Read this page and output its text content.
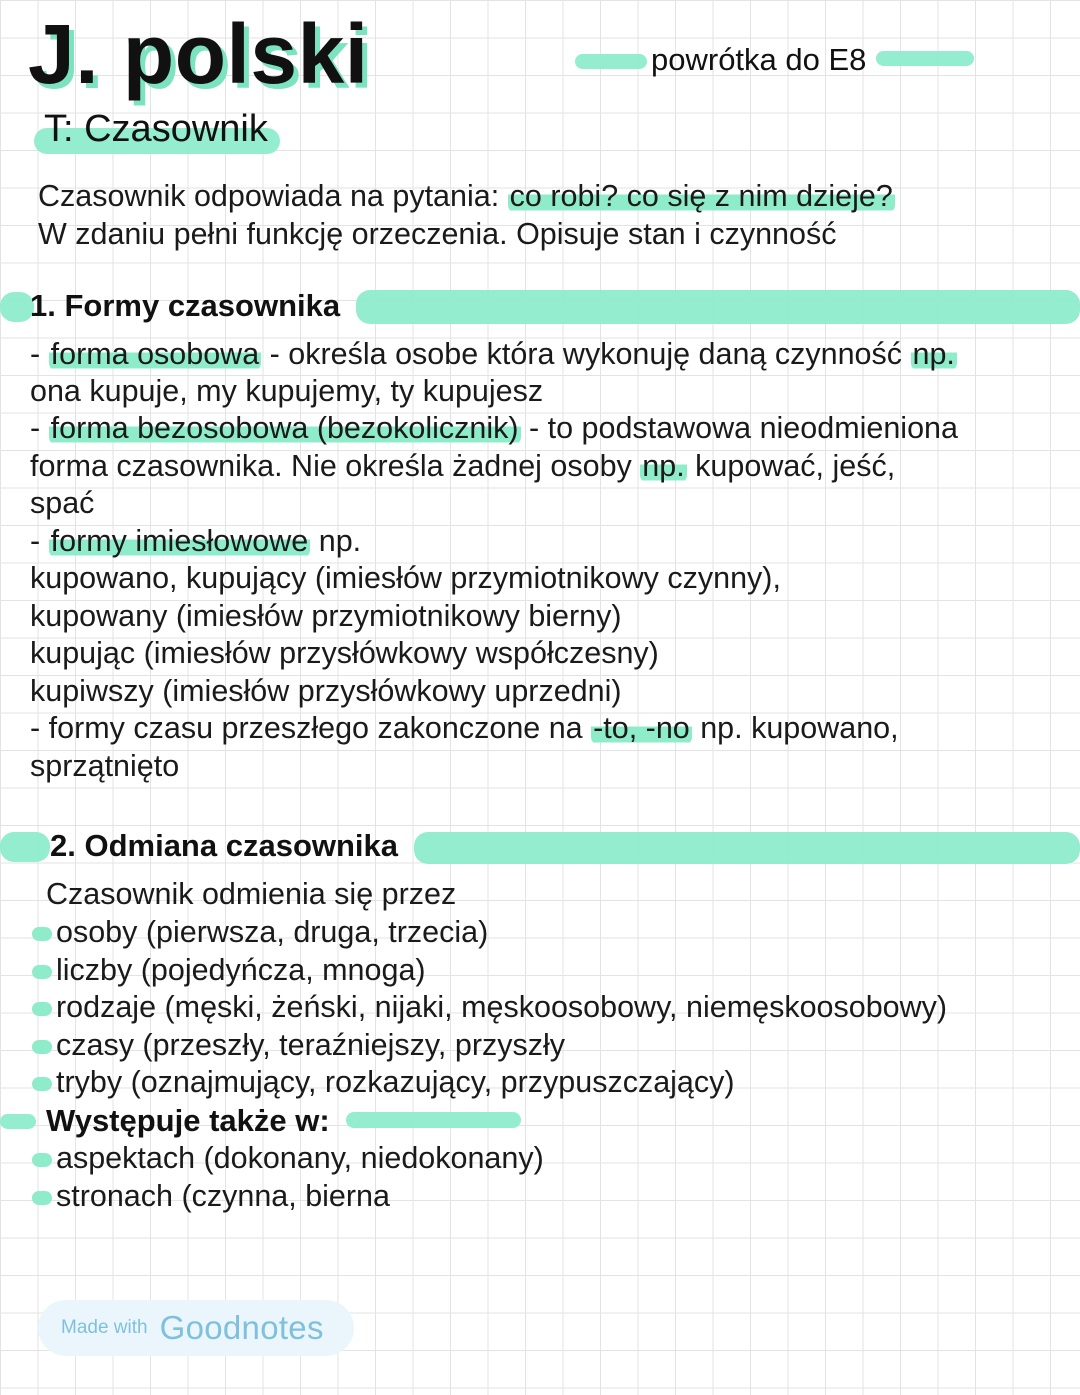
J. polski
T: Czasownik
powrótka do E8
Czasownik odpowiada na pytania: co robi? co się z nim dzieje?
W zdaniu pełni funkcję orzeczenia. Opisuje stan i czynność
1. Formy czasownika
- forma osobowa - określa osobe która wykonuję daną czynność np.
ona kupuje, my kupujemy, ty kupujesz
- forma bezosobowa (bezokolicznik) - to podstawowa nieodmieniona
forma czasownika. Nie określa żadnej osoby np. kupować, jeść,
spać
- formy imiesłowowe np.
kupowano, kupujący (imiesłów przymiotnikowy czynny),
kupowany (imiesłów przymiotnikowy bierny)
kupując (imiesłów przysłówkowy współczesny)
kupiwszy (imiesłów przysłówkowy uprzedni)
- formy czasu przeszłego zakonczone na -to, -no np. kupowano,
sprzątnięto
2. Odmiana czasownika
Czasownik odmienia się przez
osoby (pierwsza, druga, trzecia)
liczby (pojedyńcza, mnoga)
rodzaje (męski, żeński, nijaki, męskoosobowy, niemęskoosobowy)
czasy (przeszły, teraźniejszy, przyszły
tryby (oznajmujący, rozkazujący, przypuszczający)
Występuje także w:
aspektach (dokonany, niedokonany)
stronach (czynna, bierna
Made with Goodnotes
